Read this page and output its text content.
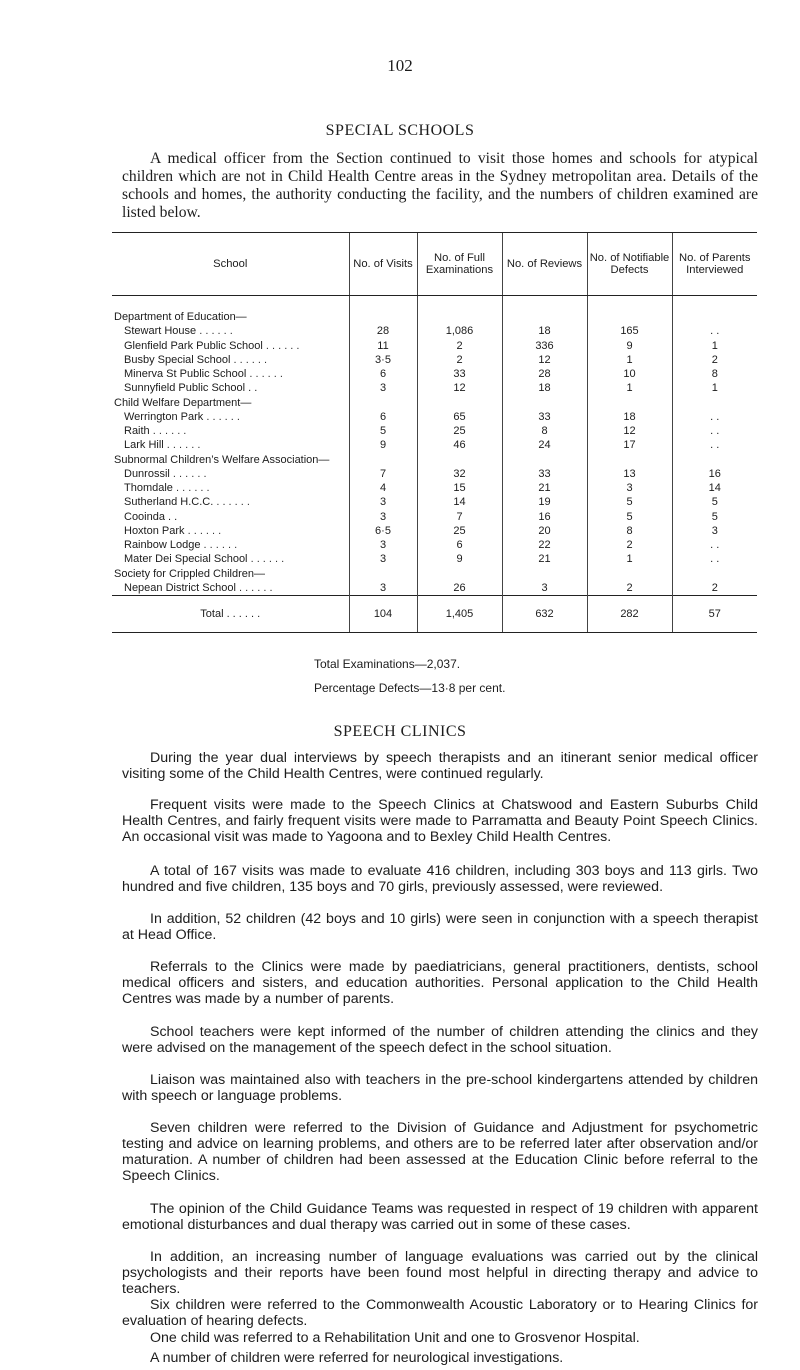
102
SPECIAL SCHOOLS
A medical officer from the Section continued to visit those homes and schools for atypical children which are not in Child Health Centre areas in the Sydney metropolitan area. Details of the schools and homes, the authority conducting the facility, and the numbers of children examined are listed below.
School	No. of Visits	No. of Full Examinations	No. of Reviews	No. of Notifiable Defects	No. of Parents Interviewed

Department of Education—					
Stewart House . . . . . .	28	1,086	18	165	. .
Glenfield Park Public School . . . . . .	11	2	336	9	1
Busby Special School . . . . . .	3·5	2	12	1	2
Minerva St Public School . . . . . .	6	33	28	10	8
Sunnyfield Public School . .	3	12	18	1	1
Child Welfare Department—					
Werrington Park . . . . . .	6	65	33	18	. .
Raith . . . . . .	5	25	8	12	. .
Lark Hill . . . . . .	9	46	24	17	. .
Subnormal Children’s Welfare Association—					
Dunrossil . . . . . .	7	32	33	13	16
Thomdale . . . . . .	4	15	21	3	14
Sutherland H.C.C. . . . . . .	3	14	19	5	5
Cooinda . .	3	7	16	5	5
Hoxton Park . . . . . .	6·5	25	20	8	3
Rainbow Lodge . . . . . .	3	6	22	2	. .
Mater Dei Special School . . . . . .	3	9	21	1	. .
Society for Crippled Children—					
Nepean District School . . . . . .	3	26	3	2	2
Total . . . . . .	104	1,405	632	282	57
Total Examinations—2,037.
Percentage Defects—13·8 per cent.
SPEECH CLINICS
During the year dual interviews by speech therapists and an itinerant senior medical officer visiting some of the Child Health Centres, were continued regularly.
Frequent visits were made to the Speech Clinics at Chatswood and Eastern Suburbs Child Health Centres, and fairly frequent visits were made to Parramatta and Beauty Point Speech Clinics. An occasional visit was made to Yagoona and to Bexley Child Health Centres.
A total of 167 visits was made to evaluate 416 children, including 303 boys and 113 girls. Two hundred and five children, 135 boys and 70 girls, previously assessed, were reviewed.
In addition, 52 children (42 boys and 10 girls) were seen in conjunction with a speech therapist at Head Office.
Referrals to the Clinics were made by paediatricians, general practitioners, dentists, school medical officers and sisters, and education authorities. Personal application to the Child Health Centres was made by a number of parents.
School teachers were kept informed of the number of children attending the clinics and they were advised on the management of the speech defect in the school situation.
Liaison was maintained also with teachers in the pre-school kindergartens attended by children with speech or language problems.
Seven children were referred to the Division of Guidance and Adjustment for psychometric testing and advice on learning problems, and others are to be referred later after observation and/or maturation. A number of children had been assessed at the Education Clinic before referral to the Speech Clinics.
The opinion of the Child Guidance Teams was requested in respect of 19 children with apparent emotional disturbances and dual therapy was carried out in some of these cases.
In addition, an increasing number of language evaluations was carried out by the clinical psychologists and their reports have been found most helpful in directing therapy and advice to teachers.
Six children were referred to the Commonwealth Acoustic Laboratory or to Hearing Clinics for evaluation of hearing defects.
One child was referred to a Rehabilitation Unit and one to Grosvenor Hospital.
A number of children were referred for neurological investigations.
